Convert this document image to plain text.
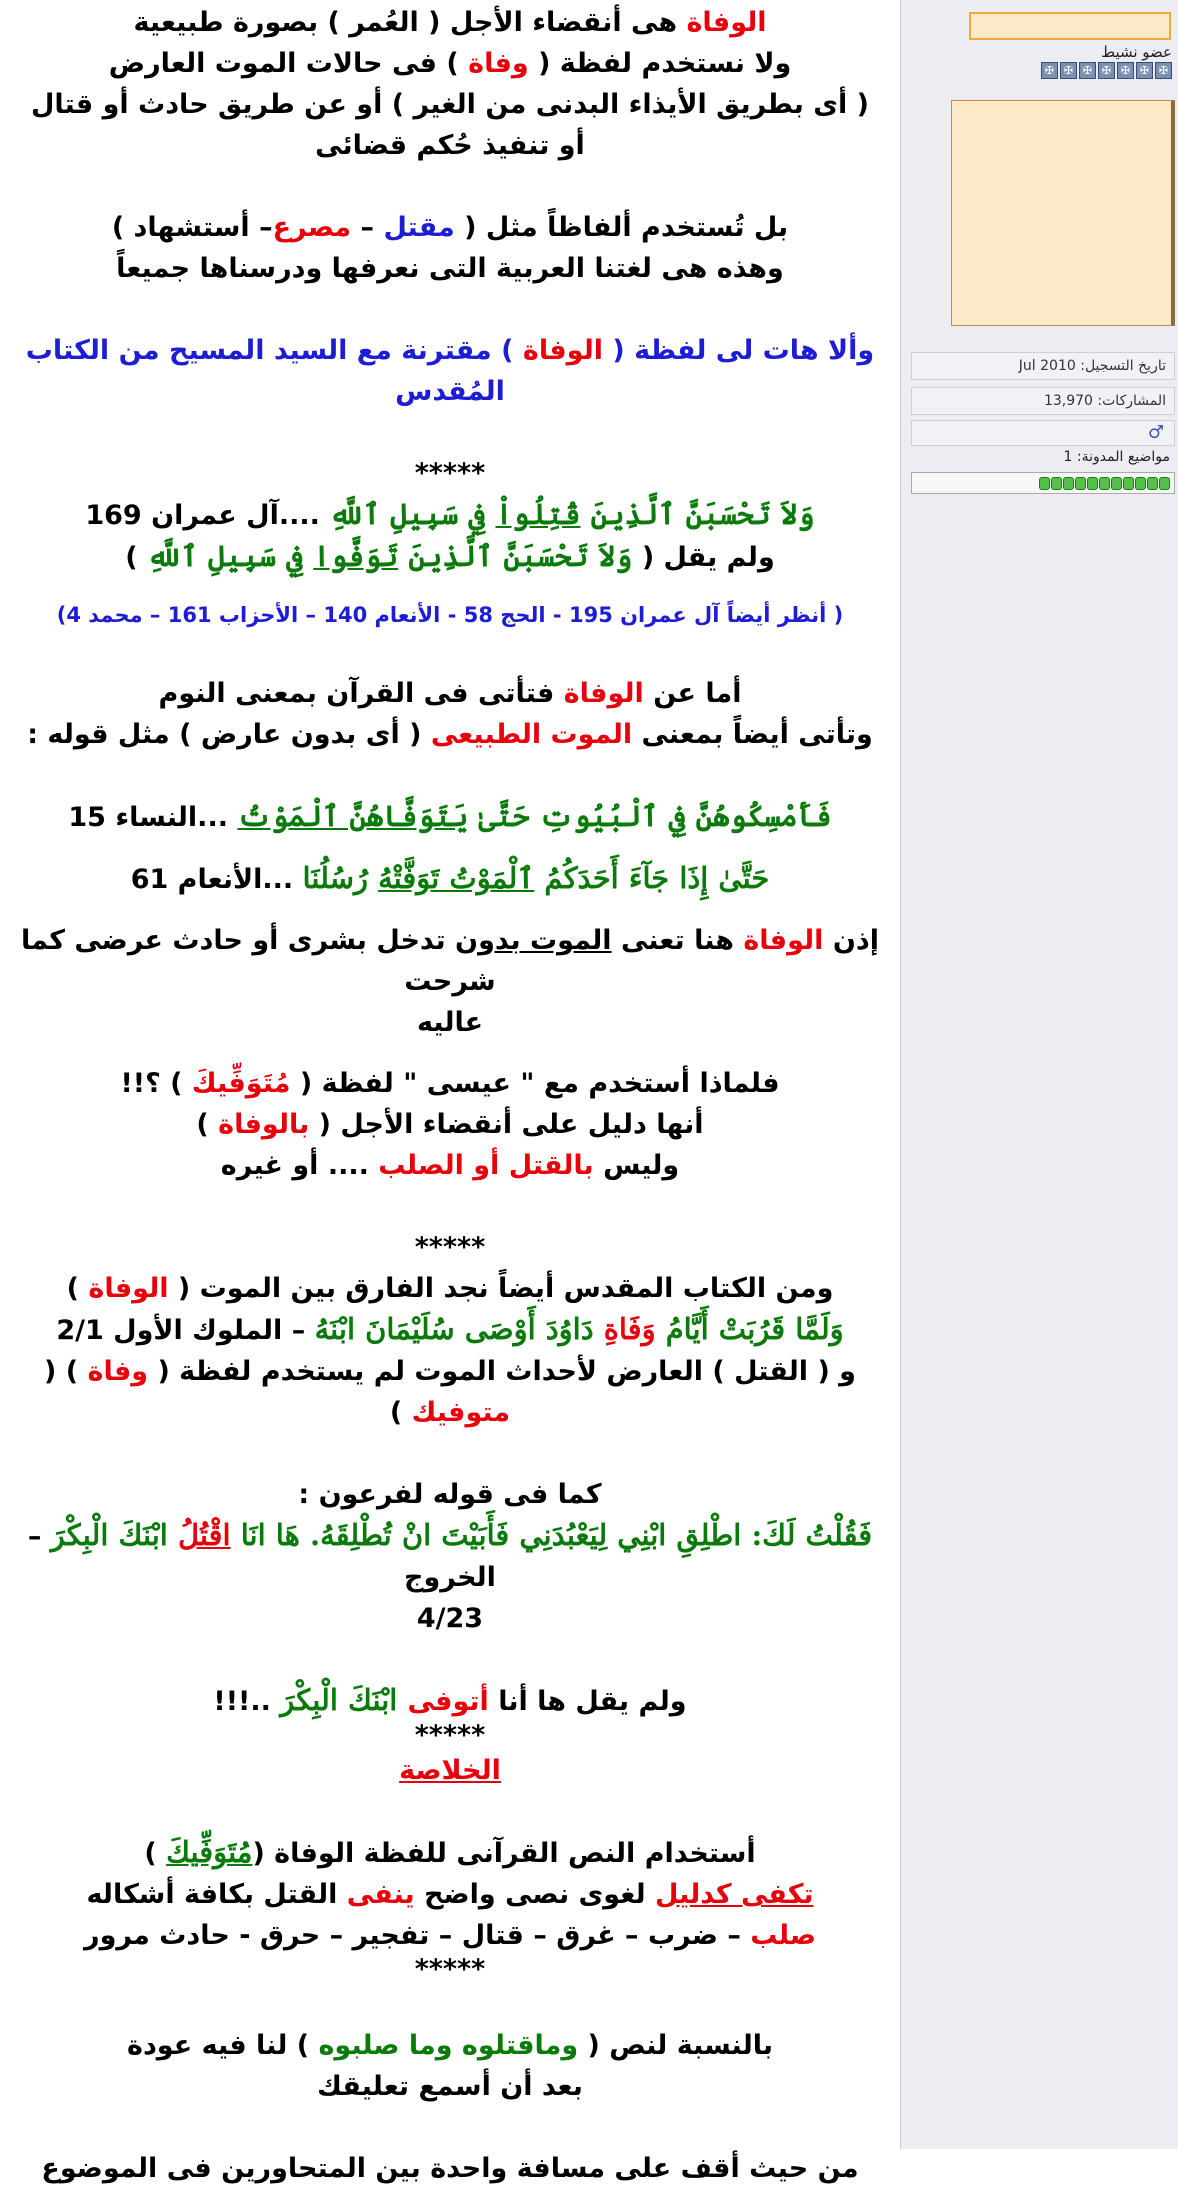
الوفاة هى أنقضاء الأجل ( العُمر ) بصورة طبيعية

ولا نستخدم لفظة ( وفاة ) فى حالات الموت العارض

( أى بطريق الأيذاء البدنى من الغير ) أو عن طريق حادث أو قتال

أو تنفيذ حُكم قضائى

بل تُستخدم ألفاظاً مثل ( مقتل – مصرع– أستشهاد )

وهذه هى لغتنا العربية التى نعرفها ودرسناها جميعاً

وألا هات لى لفظة ( الوفاة ) مقترنة مع السيد المسيح من الكتاب المُقدس

*****

وَلاَ تَحْسَبَنَّ ٱلَّذِينَ قُتِلُواْ فِي سَبِيلِ ٱللَّهِ ....آل عمران 169

ولم يقل ( وَلاَ تَحْسَبَنَّ ٱلَّذِينَ تَوَفَّوا فِي سَبِيلِ ٱللَّهِ )

( أنظر أيضاً آل عمران 195 - الحج 58 - الأنعام 140 – الأحزاب 161 – محمد 4)

أما عن الوفاة فتأتى فى القرآن بمعنى النوم

وتأتى أيضاً بمعنى الموت الطبيعى ( أى بدون عارض ) مثل قوله :

فَأَمْسِكُوهُنَّ فِي ٱلْبُيُوتِ حَتَّىٰ يَتَوَفَّاهُنَّ ٱلْمَوْتُ ...النساء 15

حَتَّىٰ إِذَا جَآءَ أَحَدَكُمُ ٱلْمَوْتُ تَوَفَّتْهُ رُسُلُنَا ...الأنعام 61

إذن الوفاة هنا تعنى الموت بدون تدخل بشرى أو حادث عرضى كما شرحت

عاليه

فلماذا أستخدم مع " عيسى " لفظة ( مُتَوَفِّيكَ ) ؟!!

أنها دليل على أنقضاء الأجل ( بالوفاة )

وليس بالقتل أو الصلب .... أو غيره

*****

ومن الكتاب المقدس أيضاً نجد الفارق بين الموت ( الوفاة )

وَلَمَّا قَرُبَتْ أَيَّامُ وَفَاةِ دَاوُدَ أَوْصَى سُلَيْمَانَ ابْنَهُ – الملوك الأول 2/1

و ( القتل ) العارض لأحداث الموت لم يستخدم لفظة ( وفاة ) ( متوفيك )

كما فى قوله لفرعون :

فَقُلْتُ لَكَ: اطْلِقِ ابْنِي لِيَعْبُدَنِي فَأَبَيْتَ انْ تُطْلِقَهُ. هَا انَا اقْتُلُ ابْنَكَ الْبِكْرَ – الخروج

4/23

ولم يقل ها أنا أتوفى ابْنَكَ الْبِكْرَ ..!!!

*****

الخلاصة

أستخدام النص القرآنى للفظة الوفاة (مُتَوَفِّيكَ )

تكفى كدليل لغوى نصى واضح ينفى القتل بكافة أشكاله

صلب – ضرب – غرق – قتال – تفجير – حرق - حادث مرور

*****

بالنسبة لنص ( وماقتلوه وما صلبوه ) لنا فيه عودة

بعد أن أسمع تعليقك

من حيث أقف على مسافة واحدة بين المتحاورين فى الموضوع

عضو نشيط
✠ ✠ ✠ ✠ ✠ ✠ ✠
تاريخ التسجيل: Jul 2010
المشاركات: 13,970
♂
مواضيع المدونة: 1
